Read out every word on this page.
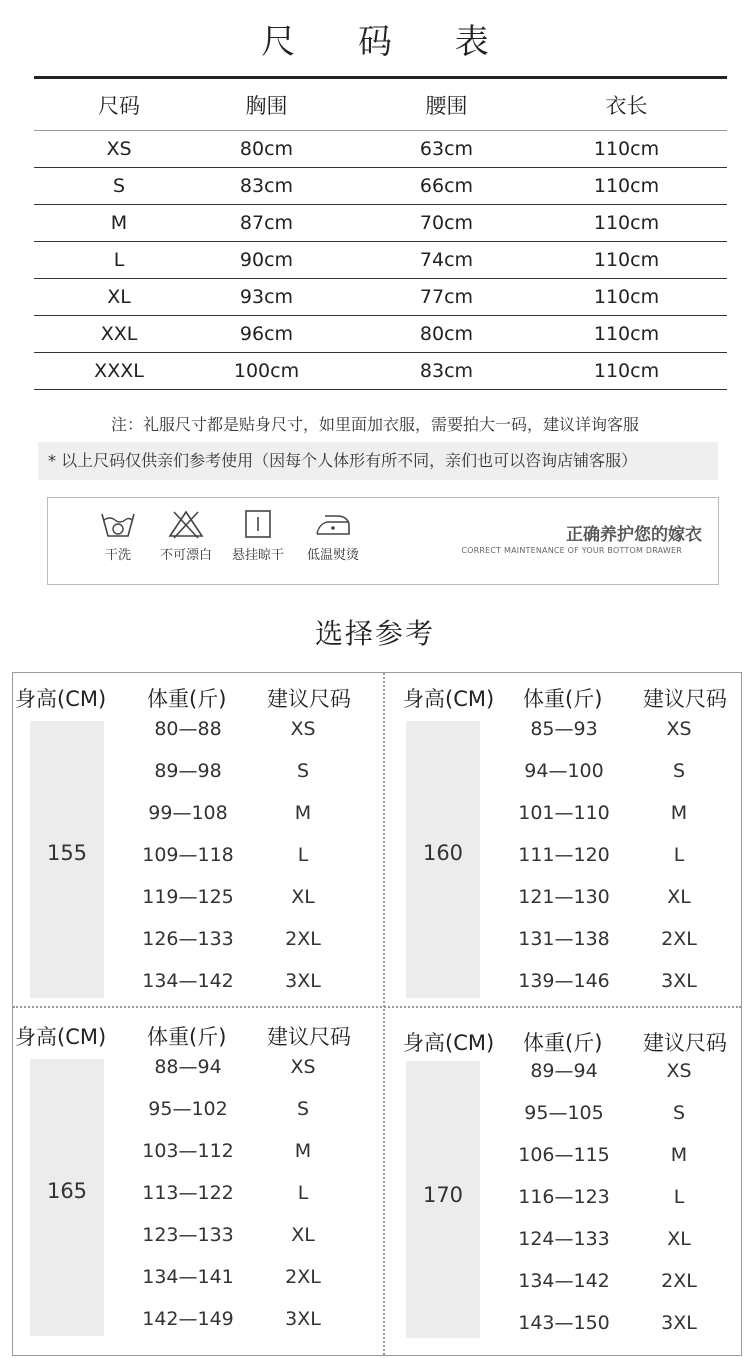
尺 码 表
尺码	胸围	腰围	衣长
XS	80cm	63cm	110cm
S	83cm	66cm	110cm
M	87cm	70cm	110cm
L	90cm	74cm	110cm
XL	93cm	77cm	110cm
XXL	96cm	80cm	110cm
XXXL	100cm	83cm	110cm
注：礼服尺寸都是贴身尺寸，如里面加衣服，需要拍大一码，建议详询客服
* 以上尺码仅供亲们参考使用（因每个人体形有所不同，亲们也可以咨询店铺客服）
干洗	不可漂白	悬挂晾干	低温熨烫
正确养护您的嫁衣
CORRECT MAINTENANCE OF YOUR BOTTOM DRAWER
选择参考
身高(CM) 体重(斤) 建议尺码
155
80—88	XS
89—98	S
99—108	M
109—118	L
119—125	XL
126—133	2XL
134—142	3XL
身高(CM) 体重(斤) 建议尺码
160
85—93	XS
94—100	S
101—110	M
111—120	L
121—130	XL
131—138	2XL
139—146	3XL
身高(CM) 体重(斤) 建议尺码
165
88—94	XS
95—102	S
103—112	M
113—122	L
123—133	XL
134—141	2XL
142—149	3XL
身高(CM) 体重(斤) 建议尺码
170
89—94	XS
95—105	S
106—115	M
116—123	L
124—133	XL
134—142	2XL
143—150	3XL
